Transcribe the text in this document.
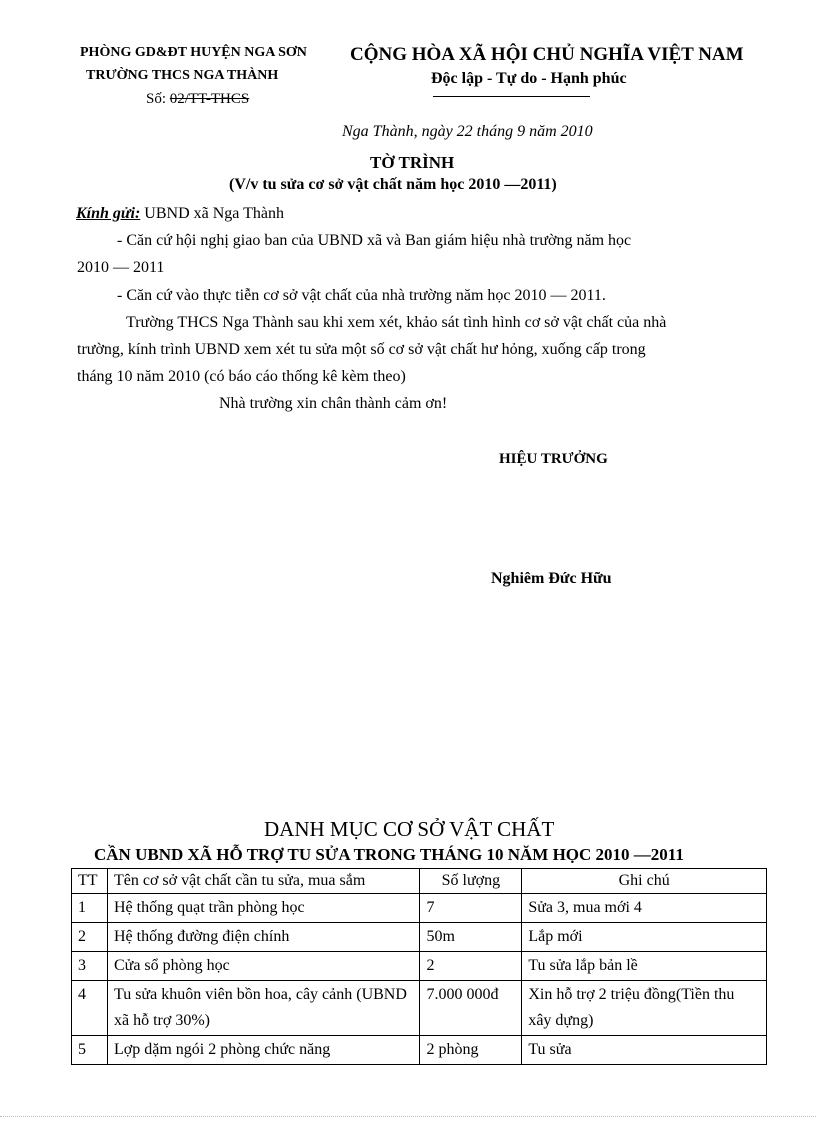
PHÒNG GD&ĐT HUYỆN NGA SƠN
TRƯỜNG THCS NGA THÀNH
Số: 02/TT-THCS
CỘNG HÒA XÃ HỘI CHỦ NGHĨA VIỆT NAM
Độc lập - Tự do - Hạnh phúc
Nga Thành, ngày 22 tháng 9 năm 2010
TỜ TRÌNH
(V/v tu sửa cơ sở vật chất năm học 2010 —2011)
Kính gửi: UBND xã Nga Thành
- Căn cứ hội nghị giao ban của UBND xã và Ban giám hiệu nhà trường năm học
2010 — 2011
- Căn cứ vào thực tiễn cơ sở vật chất của nhà trường năm học 2010 — 2011.
Trường THCS Nga Thành sau khi xem xét, khảo sát tình hình cơ sở vật chất của nhà
trường, kính trình UBND xem xét tu sửa một số cơ sở vật chất hư hỏng, xuống cấp trong
tháng 10 năm 2010 (có báo cáo thống kê kèm theo)
Nhà trường xin chân thành cảm ơn!
HIỆU TRƯỞNG
Nghiêm Đức Hữu
DANH MỤC CƠ SỞ VẬT CHẤT
CẦN UBND XÃ HỖ TRỢ TU SỬA TRONG THÁNG 10 NĂM HỌC 2010 —2011
TT	Tên cơ sở vật chất cần tu sửa, mua sắm	Số lượng	Ghi chú
1	Hệ thống quạt trần phòng học	7	Sửa 3, mua mới 4
2	Hệ thống đường điện chính	50m	Lắp mới
3	Cửa sổ phòng học	2	Tu sửa lắp bản lề
4	Tu sửa khuôn viên bồn hoa, cây cảnh (UBND xã hỗ trợ 30%)	7.000 000đ	Xin hỗ trợ 2 triệu đồng(Tiền thu xây dựng)
5	Lợp dặm ngói 2 phòng chức năng	2 phòng	Tu sửa
